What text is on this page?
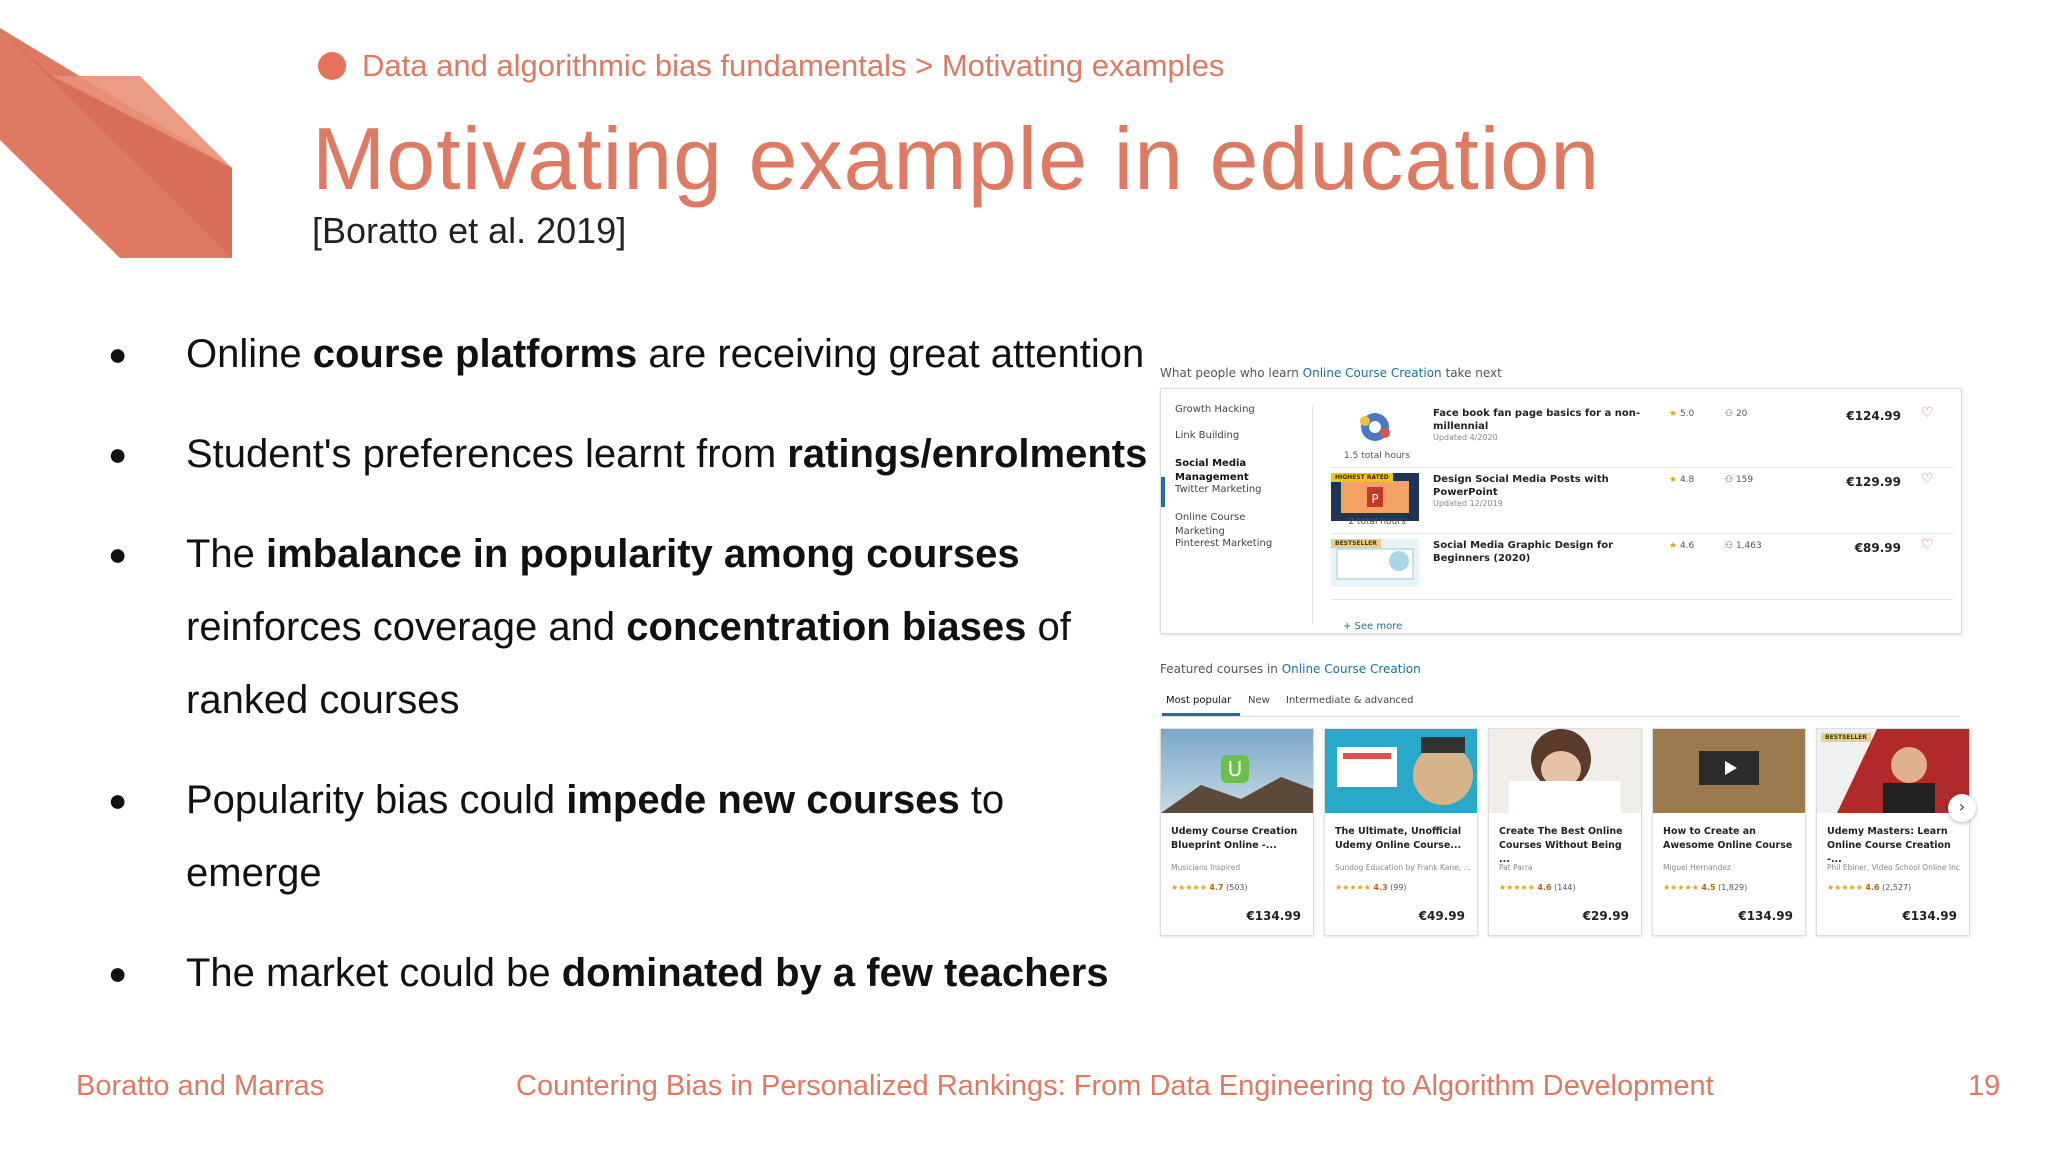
Data and algorithmic bias fundamentals > Motivating examples
Motivating example in education
[Boratto et al. 2019]
● Online course platforms are receiving great attention
● Student's preferences learnt from ratings/enrolments
● The imbalance in popularity among courses reinforces coverage and concentration biases of ranked courses
● Popularity bias could impede new courses to emerge
● The market could be dominated by a few teachers
What people who learn Online Course Creation take next
Growth Hacking
Link Building
Social Media Management
Twitter Marketing
Online Course Marketing
Pinterest Marketing
1.5 total hours
Face book fan page basics for a non-millennial
Updated 4/2020
★ 5.0	⚇ 20	€124.99 ♡
P
HIGHEST RATED
2 total hours
Design Social Media Posts with PowerPoint
Updated 12/2019
★ 4.8	⚇ 159	€129.99 ♡
BESTSELLER	Social Media Graphic Design for Beginners (2020)
★ 4.6	⚇ 1,463	€89.99 ♡
+ See more
Featured courses in Online Course Creation
Most popular New Intermediate & advanced
U
Udemy Course Creation Blueprint Online -...
Musicians Inspired
★★★★★ 4.7 (503)
€134.99
The Ultimate, Unofficial Udemy Online Course...
Sundog Education by Frank Kane, ...
★★★★★ 4.3 (99)
€49.99
Create The Best Online Courses Without Being ...
Pat Parra
★★★★★ 4.6 (144)
€29.99
How to Create an Awesome Online Course
Miguel Hernandez
★★★★★ 4.5 (1,829)
€134.99
BESTSELLER
Udemy Masters: Learn Online Course Creation -...
Phil Ebiner, Video School Online Inc
★★★★★ 4.6 (2,527)
€134.99
›
Boratto and Marras	Countering Bias in Personalized Rankings: From Data Engineering to Algorithm Development	19
